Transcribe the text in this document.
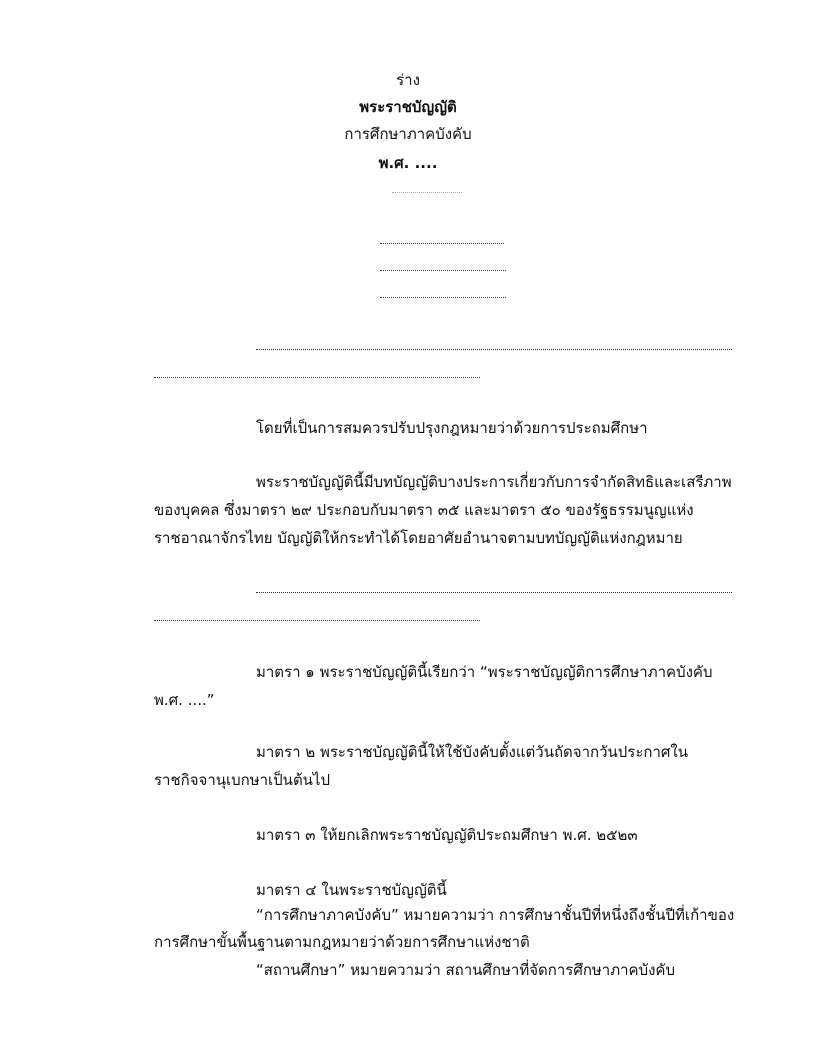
ร่าง
พระราชบัญญัติ
การศึกษาภาคบังคับ
พ.ศ. ....
โดยที่เป็นการสมควรปรับปรุงกฎหมายว่าด้วยการประถมศึกษา
พระราชบัญญัตินี้มีบทบัญญัติบางประการเกี่ยวกับการจำกัดสิทธิและเสรีภาพ
ของบุคคล ซึ่งมาตรา ๒๙ ประกอบกับมาตรา ๓๕ และมาตรา ๕๐ ของรัฐธรรมนูญแห่ง
ราชอาณาจักรไทย บัญญัติให้กระทำได้โดยอาศัยอำนาจตามบทบัญญัติแห่งกฎหมาย
มาตรา ๑ พระราชบัญญัตินี้เรียกว่า “พระราชบัญญัติการศึกษาภาคบังคับ
พ.ศ. ....”
มาตรา ๒ พระราชบัญญัตินี้ให้ใช้บังคับตั้งแต่วันถัดจากวันประกาศใน
ราชกิจจานุเบกษาเป็นต้นไป
มาตรา ๓ ให้ยกเลิกพระราชบัญญัติประถมศึกษา พ.ศ. ๒๕๒๓
มาตรา ๔ ในพระราชบัญญัตินี้
“การศึกษาภาคบังคับ” หมายความว่า การศึกษาชั้นปีที่หนึ่งถึงชั้นปีที่เก้าของ
การศึกษาขั้นพื้นฐานตามกฎหมายว่าด้วยการศึกษาแห่งชาติ
“สถานศึกษา” หมายความว่า สถานศึกษาที่จัดการศึกษาภาคบังคับ
